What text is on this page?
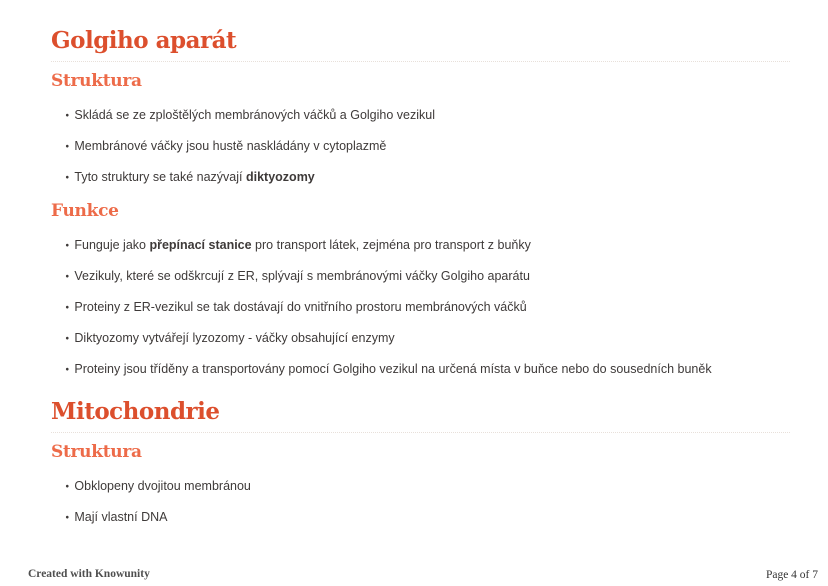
Golgiho aparát
Struktura
• Skládá se ze zploštělých membránových váčků a Golgiho vezikul
• Membránové váčky jsou hustě naskládány v cytoplazmě
• Tyto struktury se také nazývají diktyozomy
Funkce
• Funguje jako přepínací stanice pro transport látek, zejména pro transport z buňky
• Vezikuly, které se odškrcují z ER, splývají s membránovými váčky Golgiho aparátu
• Proteiny z ER-vezikul se tak dostávají do vnitřního prostoru membránových váčků
• Diktyozomy vytvářejí lyzozomy - váčky obsahující enzymy
• Proteiny jsou tříděny a transportovány pomocí Golgiho vezikul na určená místa v buňce nebo do sousedních buněk
Mitochondrie
Struktura
• Obklopeny dvojitou membránou
• Mají vlastní DNA
Created with Knowunity	Page 4 of 7
